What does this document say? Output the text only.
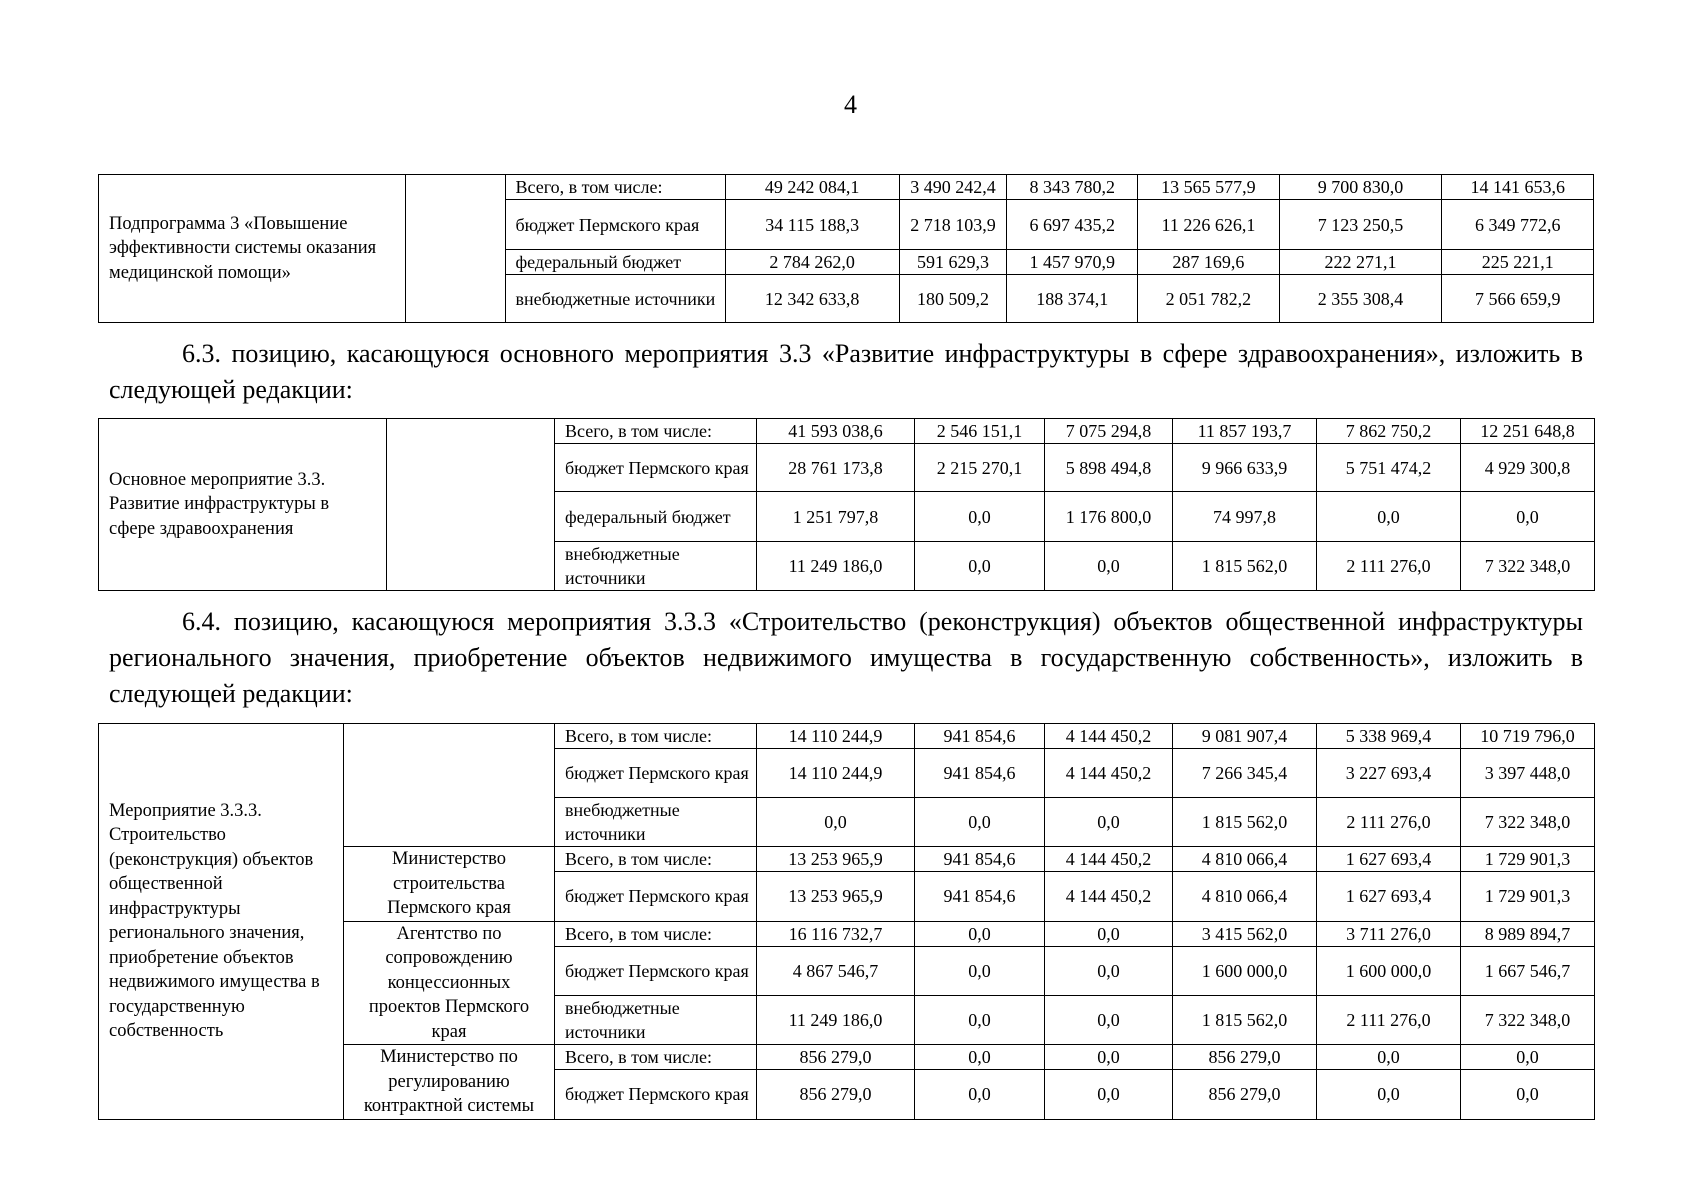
4
Подпрограмма 3 «Повышение эффективности системы оказания медицинской помощи»		Всего, в том числе:	49 242 084,1	3 490 242,4	8 343 780,2	13 565 577,9	9 700 830,0	14 141 653,6
		бюджет Пермского края	34 115 188,3	2 718 103,9	6 697 435,2	11 226 626,1	7 123 250,5	6 349 772,6
		федеральный бюджет	2 784 262,0	591 629,3	1 457 970,9	287 169,6	222 271,1	225 221,1
		внебюджетные источники	12 342 633,8	180 509,2	188 374,1	2 051 782,2	2 355 308,4	7 566 659,9
6.3. позицию, касающуюся основного мероприятия 3.3 «Развитие инфраструктуры в сфере здравоохранения», изложить в следующей редакции:
Основное мероприятие 3.3. Развитие инфраструктуры в сфере здравоохранения		Всего, в том числе:	41 593 038,6	2 546 151,1	7 075 294,8	11 857 193,7	7 862 750,2	12 251 648,8
		бюджет Пермского края	28 761 173,8	2 215 270,1	5 898 494,8	9 966 633,9	5 751 474,2	4 929 300,8
		федеральный бюджет	1 251 797,8	0,0	1 176 800,0	74 997,8	0,0	0,0
		внебюджетные источники	11 249 186,0	0,0	0,0	1 815 562,0	2 111 276,0	7 322 348,0
6.4. позицию, касающуюся мероприятия 3.3.3 «Строительство (реконструкция) объектов общественной инфраструктуры регионального значения, приобретение объектов недвижимого имущества в государственную собственность», изложить в следующей редакции:
Мероприятие 3.3.3. Строительство (реконструкция) объектов общественной инфраструктуры регионального значения, приобретение объектов недвижимого имущества в государственную собственность		Всего, в том числе:	14 110 244,9	941 854,6	4 144 450,2	9 081 907,4	5 338 969,4	10 719 796,0
		бюджет Пермского края	14 110 244,9	941 854,6	4 144 450,2	7 266 345,4	3 227 693,4	3 397 448,0
		внебюджетные источники	0,0	0,0	0,0	1 815 562,0	2 111 276,0	7 322 348,0
	Министерство строительства Пермского края	Всего, в том числе:	13 253 965,9	941 854,6	4 144 450,2	4 810 066,4	1 627 693,4	1 729 901,3
		бюджет Пермского края	13 253 965,9	941 854,6	4 144 450,2	4 810 066,4	1 627 693,4	1 729 901,3
	Агентство по сопровождению концессионных проектов Пермского края	Всего, в том числе:	16 116 732,7	0,0	0,0	3 415 562,0	3 711 276,0	8 989 894,7
		бюджет Пермского края	4 867 546,7	0,0	0,0	1 600 000,0	1 600 000,0	1 667 546,7
		внебюджетные источники	11 249 186,0	0,0	0,0	1 815 562,0	2 111 276,0	7 322 348,0
	Министерство по регулированию контрактной системы	Всего, в том числе:	856 279,0	0,0	0,0	856 279,0	0,0	0,0
		бюджет Пермского края	856 279,0	0,0	0,0	856 279,0	0,0	0,0
